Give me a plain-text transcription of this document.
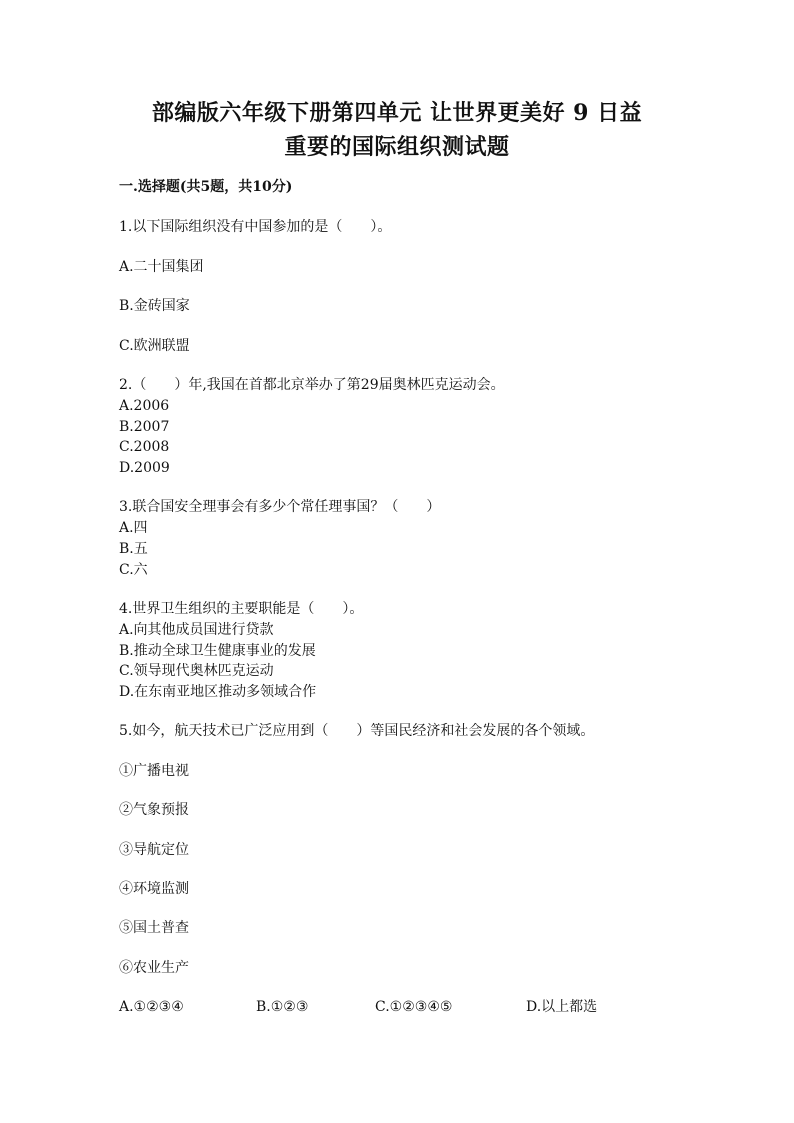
部编版六年级下册第四单元 让世界更美好 9 日益
重要的国际组织测试题
一.选择题(共5题，共10分)
1.以下国际组织没有中国参加的是（　　）。
A.二十国集团
B.金砖国家
C.欧洲联盟
2.（　　）年,我国在首都北京举办了第29届奥林匹克运动会。
A.2006
B.2007
C.2008
D.2009
3.联合国安全理事会有多少个常任理事国？（　　）
A.四
B.五
C.六
4.世界卫生组织的主要职能是（　　）。
A.向其他成员国进行贷款
B.推动全球卫生健康事业的发展
C.领导现代奥林匹克运动
D.在东南亚地区推动多领域合作
5.如今，航天技术已广泛应用到（　　）等国民经济和社会发展的各个领域。
①广播电视
②气象预报
③导航定位
④环境监测
⑤国土普查
⑥农业生产
A.①②③④	B.①②③	C.①②③④⑤	D.以上都选
